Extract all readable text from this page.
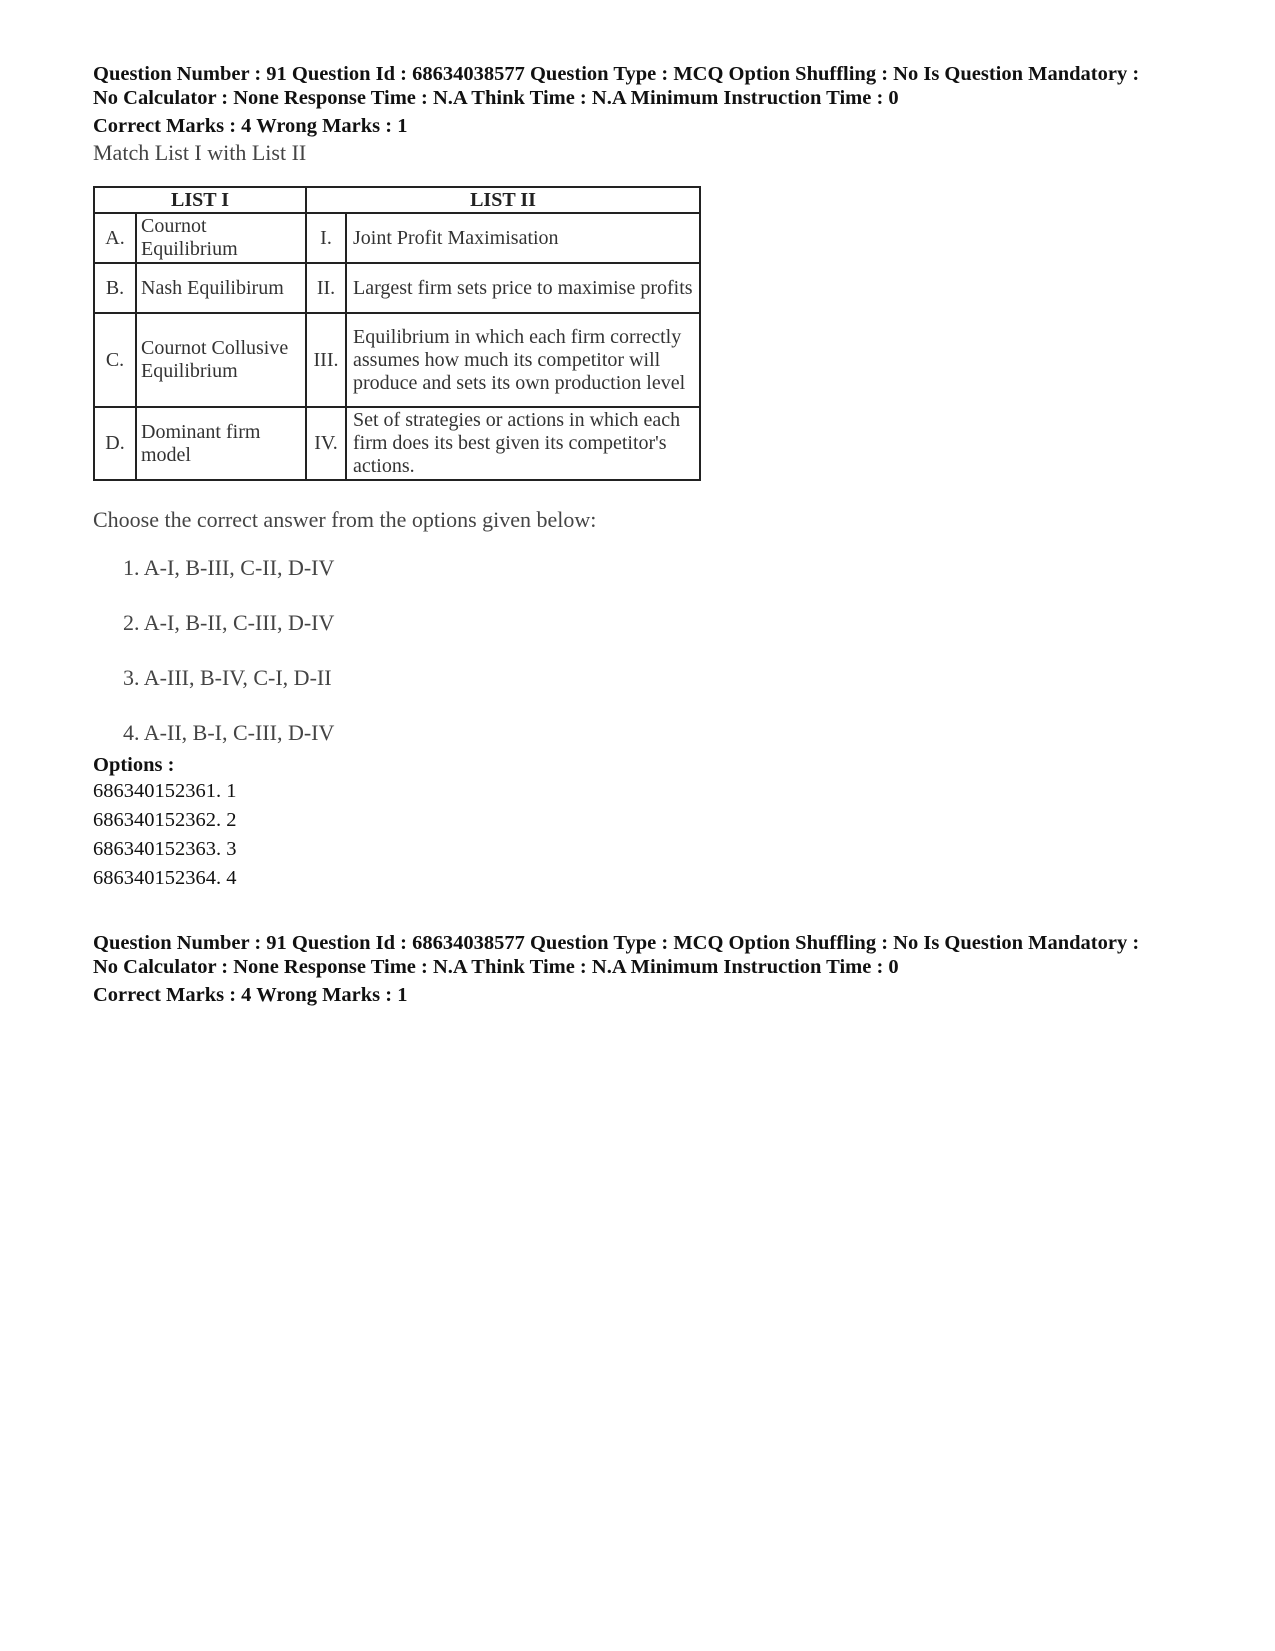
Question Number : 91 Question Id : 68634038577 Question Type : MCQ Option Shuffling : No Is Question Mandatory :

No Calculator : None Response Time : N.A Think Time : N.A Minimum Instruction Time : 0

Correct Marks : 4 Wrong Marks : 1

Match List I with List II
LIST I		LIST II	
A.	Cournot Equilibrium	I.	Joint Profit Maximisation
B.	Nash Equilibirum	II.	Largest firm sets price to maximise profits
C.	Cournot Collusive Equilibrium	III.	Equilibrium in which each firm correctly assumes how much its competitor will produce and sets its own production level
D.	Dominant firm model	IV.	Set of strategies or actions in which each firm does its best given its competitor's actions.
Choose the correct answer from the options given below:
1. A-I, B-III, C-II, D-IV
2. A-I, B-II, C-III, D-IV
3. A-III, B-IV, C-I, D-II
4. A-II, B-I, C-III, D-IV

Options :

686340152361. 1
686340152362. 2
686340152363. 3
686340152364. 4

Question Number : 91 Question Id : 68634038577 Question Type : MCQ Option Shuffling : No Is Question Mandatory :

No Calculator : None Response Time : N.A Think Time : N.A Minimum Instruction Time : 0

Correct Marks : 4 Wrong Marks : 1
